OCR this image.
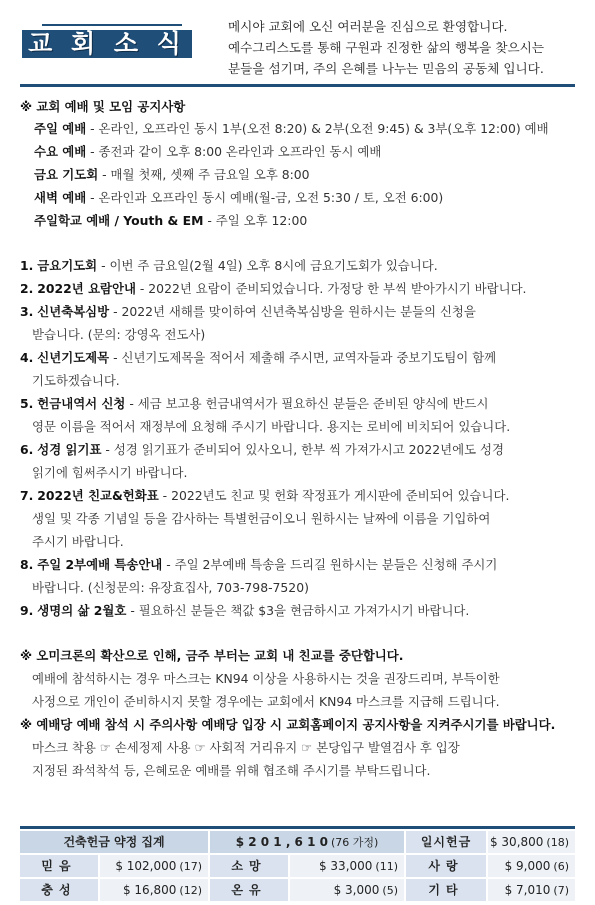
교 회 소 식
메시야 교회에 오신 여러분을 진심으로 환영합니다.
예수그리스도를 통해 구원과 진정한 삶의 행복을 찾으시는
분들을 섬기며, 주의 은혜를 나누는 믿음의 공동체 입니다.
※ 교회 예배 및 모임 공지사항
주일 예배 - 온라인, 오프라인 동시 1부(오전 8:20) & 2부(오전 9:45) & 3부(오후 12:00) 예배
수요 예배 - 종전과 같이 오후 8:00 온라인과 오프라인 동시 예배
금요 기도회 - 매월 첫째, 셋째 주 금요일 오후 8:00
새벽 예배 - 온라인과 오프라인 동시 예배(월-금, 오전 5:30 / 토, 오전 6:00)
주일학교 예배 / Youth & EM - 주일 오후 12:00
1. 금요기도회 - 이번 주 금요일(2월 4일) 오후 8시에 금요기도회가 있습니다.
2. 2022년 요람안내 - 2022년 요람이 준비되었습니다. 가정당 한 부씩 받아가시기 바랍니다.
3. 신년축복심방 - 2022년 새해를 맞이하여 신년축복심방을 원하시는 분들의 신청을
받습니다. (문의: 강영옥 전도사)
4. 신년기도제목 - 신년기도제목을 적어서 제출해 주시면, 교역자들과 중보기도팀이 함께
기도하겠습니다.
5. 헌금내역서 신청 - 세금 보고용 헌금내역서가 필요하신 분들은 준비된 양식에 반드시
영문 이름을 적어서 재정부에 요청해 주시기 바랍니다. 용지는 로비에 비치되어 있습니다.
6. 성경 읽기표 - 성경 읽기표가 준비되어 있사오니, 한부 씩 가져가시고 2022년에도 성경
읽기에 힘써주시기 바랍니다.
7. 2022년 친교&헌화표 - 2022년도 친교 및 헌화 작정표가 게시판에 준비되어 있습니다.
생일 및 각종 기념일 등을 감사하는 특별헌금이오니 원하시는 날짜에 이름을 기입하여
주시기 바랍니다.
8. 주일 2부예배 특송안내 - 주일 2부예배 특송을 드리길 원하시는 분들은 신청해 주시기
바랍니다. (신청문의: 유장효집사, 703-798-7520)
9. 생명의 삶 2월호 - 필요하신 분들은 책값 $3을 현금하시고 가져가시기 바랍니다.
※ 오미크론의 확산으로 인해, 금주 부터는 교회 내 친교를 중단합니다.
예배에 참석하시는 경우 마스크는 KN94 이상을 사용하시는 것을 권장드리며, 부득이한
사정으로 개인이 준비하시지 못할 경우에는 교회에서 KN94 마스크를 지급해 드립니다.
※ 예배당 예배 참석 시 주의사항 예배당 입장 시 교회홈페이지 공지사항을 지켜주시기를 바랍니다.
마스크 착용 ☞ 손세정제 사용 ☞ 사회적 거리유지 ☞ 본당입구 발열검사 후 입장
지정된 좌석착석 등, 은혜로운 예배를 위해 협조해 주시기를 부탁드립니다.
건축헌금 약정 집계	$ 2 0 1 , 6 1 0 (76 가정)	일시헌금	$ 30,800 (18)
믿음	$ 102,000 (17)	소망	$ 33,000 (11)	사랑	$ 9,000 (6)
충성	$ 16,800 (12)	온유	$ 3,000 (5)	기타	$ 7,010 (7)
